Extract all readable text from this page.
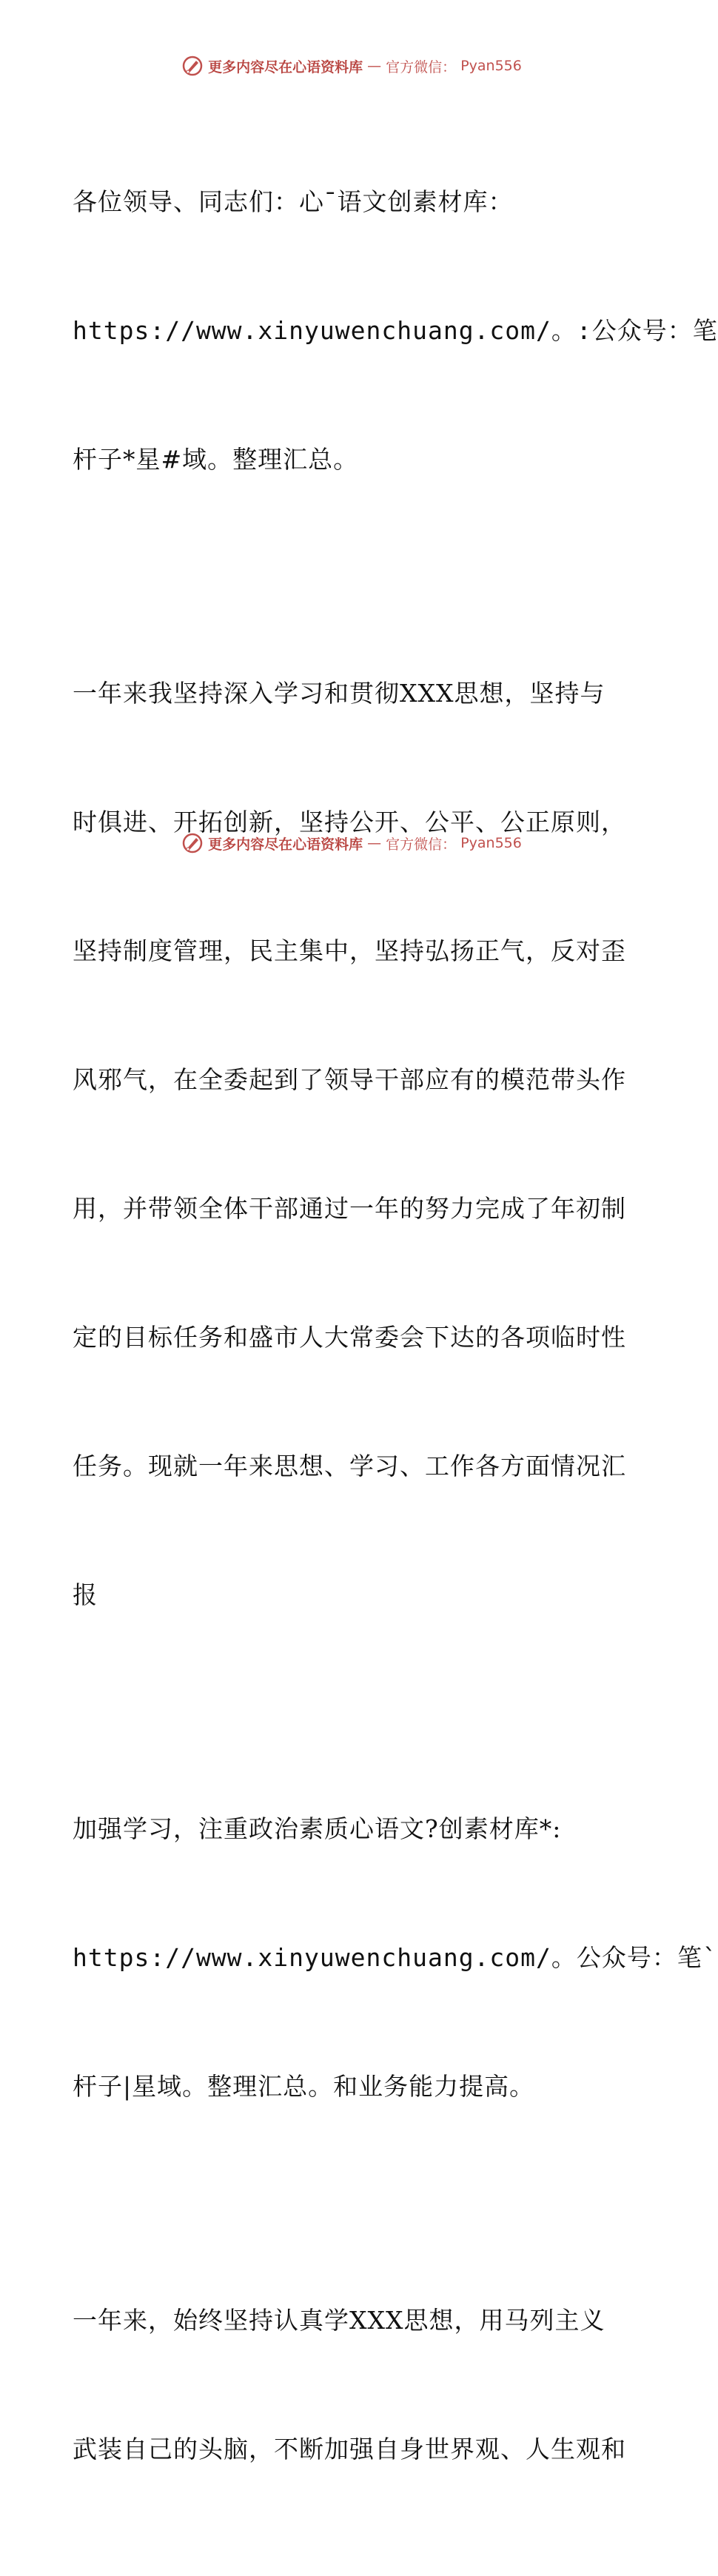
更多内容尽在心语资料库 — 官方微信： Pyan556

各位领导、同志们：心¯语文创素材库：

https://www.xinyuwenchuang.com/。:公众号：笔

杆子*星#域。整理汇总。

一年来我坚持深入学习和贯彻XXX思想，坚持与

时俱进、开拓创新，坚持公开、公平、公正原则，

坚持制度管理，民主集中，坚持弘扬正气，反对歪

风邪气，在全委起到了领导干部应有的模范带头作

用，并带领全体干部通过一年的努力完成了年初制

定的目标任务和盛市人大常委会下达的各项临时性

任务。现就一年来思想、学习、工作各方面情况汇

报

加强学习，注重政治素质心语文?创素材库*:

https://www.xinyuwenchuang.com/。公众号：笔`

杆子|星域。整理汇总。和业务能力提高。

一年来，始终坚持认真学XXX思想，用马列主义

武装自己的头脑，不断加强自身世界观、人生观和

更多内容尽在心语资料库 — 官方微信： Pyan556
